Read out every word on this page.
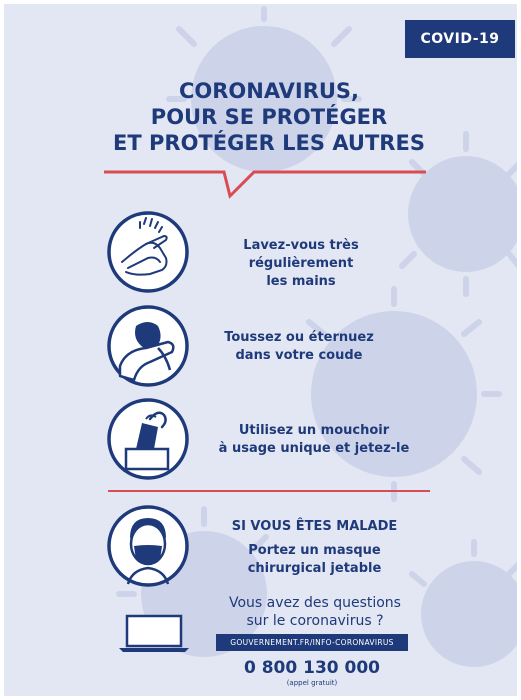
COVID-19
CORONAVIRUS,
POUR SE PROTÉGER
ET PROTÉGER LES AUTRES
Lavez-vous très régulièrement
les mains
Toussez ou éternuez
dans votre coude
Utilisez un mouchoir
à usage unique et jetez-le
SI VOUS ÊTES MALADE
Portez un masque
chirurgical jetable
Vous avez des questions
sur le coronavirus ?
GOUVERNEMENT.FR/INFO-CORONAVIRUS
0 800 130 000
(appel gratuit)
